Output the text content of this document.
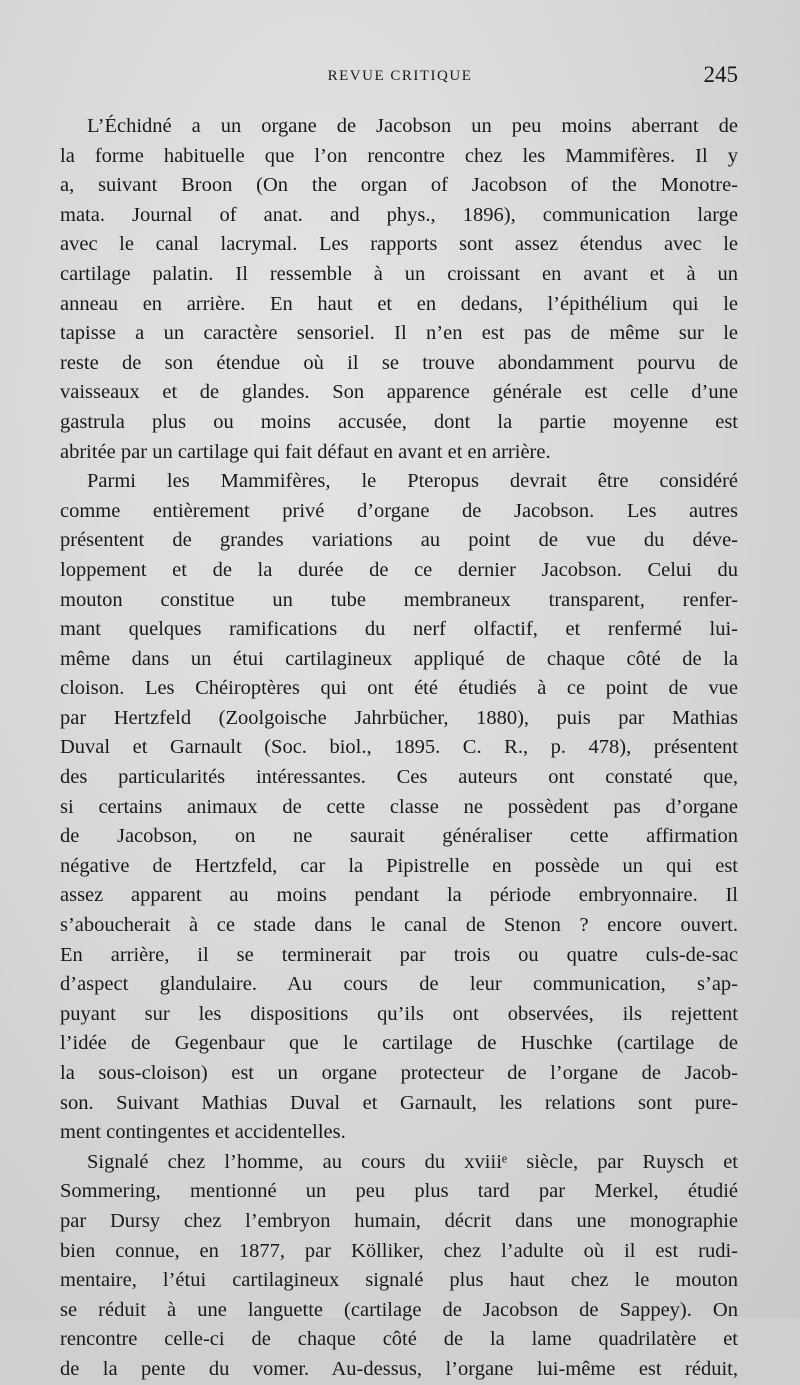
REVUE CRITIQUE	245
L’Échidné a un organe de Jacobson un peu moins aberrant de
la forme habituelle que l’on rencontre chez les Mammifères. Il y
a, suivant Broon (On the organ of Jacobson of the Monotre-
mata. Journal of anat. and phys., 1896), communication large
avec le canal lacrymal. Les rapports sont assez étendus avec le
cartilage palatin. Il ressemble à un croissant en avant et à un
anneau en arrière. En haut et en dedans, l’épithélium qui le
tapisse a un caractère sensoriel. Il n’en est pas de même sur le
reste de son étendue où il se trouve abondamment pourvu de
vaisseaux et de glandes. Son apparence générale est celle d’une
gastrula plus ou moins accusée, dont la partie moyenne est
abritée par un cartilage qui fait défaut en avant et en arrière.
Parmi les Mammifères, le Pteropus devrait être considéré
comme entièrement privé d’organe de Jacobson. Les autres
présentent de grandes variations au point de vue du déve-
loppement et de la durée de ce dernier Jacobson. Celui du
mouton constitue un tube membraneux transparent, renfer-
mant quelques ramifications du nerf olfactif, et renfermé lui-
même dans un étui cartilagineux appliqué de chaque côté de la
cloison. Les Chéiroptères qui ont été étudiés à ce point de vue
par Hertzfeld (Zoolgoische Jahrbücher, 1880), puis par Mathias
Duval et Garnault (Soc. biol., 1895. C. R., p. 478), présentent
des particularités intéressantes. Ces auteurs ont constaté que,
si certains animaux de cette classe ne possèdent pas d’organe
de Jacobson, on ne saurait généraliser cette affirmation
négative de Hertzfeld, car la Pipistrelle en possède un qui est
assez apparent au moins pendant la période embryonnaire. Il
s’aboucherait à ce stade dans le canal de Stenon ? encore ouvert.
En arrière, il se terminerait par trois ou quatre culs-de-sac
d’aspect glandulaire. Au cours de leur communication, s’ap-
puyant sur les dispositions qu’ils ont observées, ils rejettent
l’idée de Gegenbaur que le cartilage de Huschke (cartilage de
la sous-cloison) est un organe protecteur de l’organe de Jacob-
son. Suivant Mathias Duval et Garnault, les relations sont pure-
ment contingentes et accidentelles.
Signalé chez l’homme, au cours du xviiiᵉ siècle, par Ruysch et
Sommering, mentionné un peu plus tard par Merkel, étudié
par Dursy chez l’embryon humain, décrit dans une monographie
bien connue, en 1877, par Kölliker, chez l’adulte où il est rudi-
mentaire, l’étui cartilagineux signalé plus haut chez le mouton
se réduit à une languette (cartilage de Jacobson de Sappey). On
rencontre celle-ci de chaque côté de la lame quadrilatère et
de la pente du vomer. Au-dessus, l’organe lui-même est réduit,
